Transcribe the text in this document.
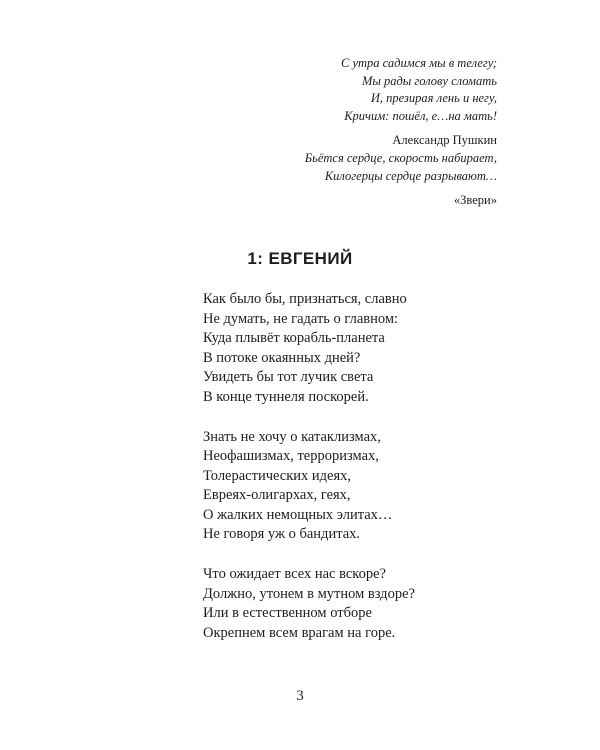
С утра садимся мы в телегу;
Мы рады голову сломать
И, презирая лень и негу,
Кричим: пошёл, е…на мать!
Александр Пушкин
Бьётся сердце, скорость набирает,
Килогерцы сердце разрывают…
«Звери»
1: ЕВГЕНИЙ
Как было бы, признаться, славно
Не думать, не гадать о главном:
Куда плывёт корабль-планета
В потоке окаянных дней?
Увидеть бы тот лучик света
В конце туннеля поскорей.
Знать не хочу о катаклизмах,
Неофашизмах, терроризмах,
Толерастических идеях,
Евреях-олигархах, геях,
О жалких немощных элитах…
Не говоря уж о бандитах.
Что ожидает всех нас вскоре?
Должно, утонем в мутном вздоре?
Или в естественном отборе
Окрепнем всем врагам на горе.
3
